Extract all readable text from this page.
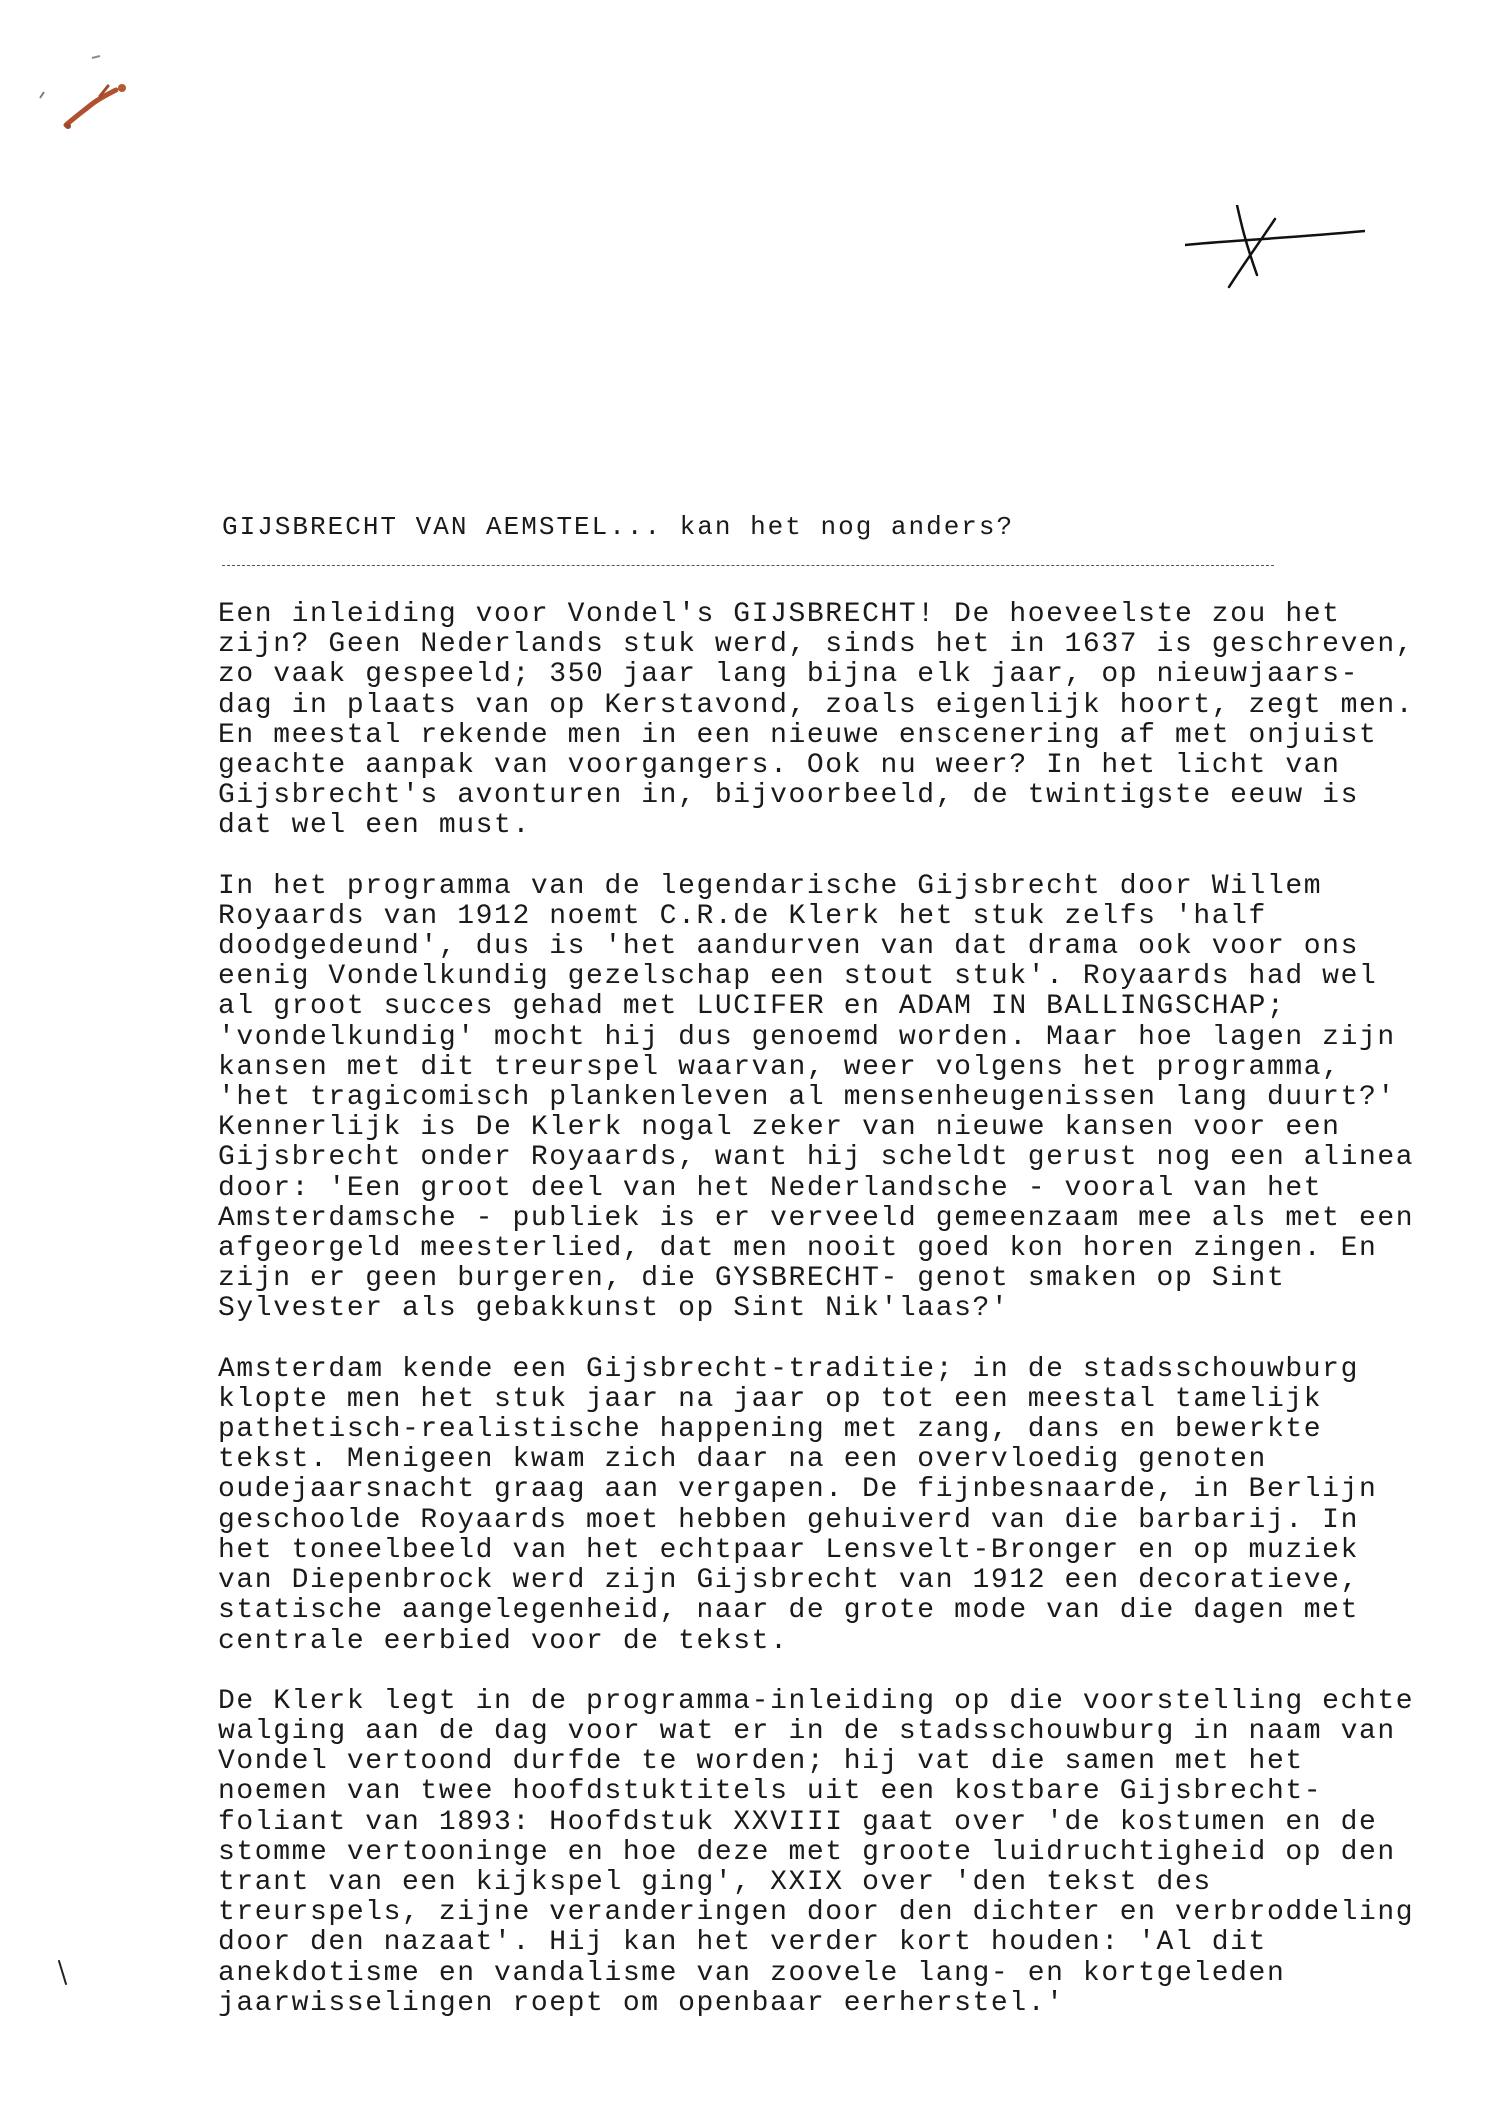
GIJSBRECHT VAN AEMSTEL... kan het nog anders?
Een inleiding voor Vondel's GIJSBRECHT! De hoeveelste zou het
zijn? Geen Nederlands stuk werd, sinds het in 1637 is geschreven,
zo vaak gespeeld; 350 jaar lang bijna elk jaar, op nieuwjaars-
dag in plaats van op Kerstavond, zoals eigenlijk hoort, zegt men.
En meestal rekende men in een nieuwe enscenering af met onjuist
geachte aanpak van voorgangers. Ook nu weer? In het licht van
Gijsbrecht's avonturen in, bijvoorbeeld, de twintigste eeuw is
dat wel een must.
In het programma van de legendarische Gijsbrecht door Willem
Royaards van 1912 noemt C.R.de Klerk het stuk zelfs 'half
doodgedeund', dus is 'het aandurven van dat drama ook voor ons
eenig Vondelkundig gezelschap een stout stuk'. Royaards had wel
al groot succes gehad met LUCIFER en ADAM IN BALLINGSCHAP;
'vondelkundig' mocht hij dus genoemd worden. Maar hoe lagen zijn
kansen met dit treurspel waarvan, weer volgens het programma,
'het tragicomisch plankenleven al mensenheugenissen lang duurt?'
Kennerlijk is De Klerk nogal zeker van nieuwe kansen voor een
Gijsbrecht onder Royaards, want hij scheldt gerust nog een alinea
door: 'Een groot deel van het Nederlandsche - vooral van het
Amsterdamsche - publiek is er verveeld gemeenzaam mee als met een
afgeorgeld meesterlied, dat men nooit goed kon horen zingen. En
zijn er geen burgeren, die GYSBRECHT- genot smaken op Sint
Sylvester als gebakkunst op Sint Nik'laas?'
Amsterdam kende een Gijsbrecht-traditie; in de stadsschouwburg
klopte men het stuk jaar na jaar op tot een meestal tamelijk
pathetisch-realistische happening met zang, dans en bewerkte
tekst. Menigeen kwam zich daar na een overvloedig genoten
oudejaarsnacht graag aan vergapen. De fijnbesnaarde, in Berlijn
geschoolde Royaards moet hebben gehuiverd van die barbarij. In
het toneelbeeld van het echtpaar Lensvelt-Bronger en op muziek
van Diepenbrock werd zijn Gijsbrecht van 1912 een decoratieve,
statische aangelegenheid, naar de grote mode van die dagen met
centrale eerbied voor de tekst.
De Klerk legt in de programma-inleiding op die voorstelling echte
walging aan de dag voor wat er in de stadsschouwburg in naam van
Vondel vertoond durfde te worden; hij vat die samen met het
noemen van twee hoofdstuktitels uit een kostbare Gijsbrecht-
foliant van 1893: Hoofdstuk XXVIII gaat over 'de kostumen en de
stomme vertooninge en hoe deze met groote luidruchtigheid op den
trant van een kijkspel ging', XXIX over 'den tekst des
treurspels, zijne veranderingen door den dichter en verbroddeling
door den nazaat'. Hij kan het verder kort houden: 'Al dit
anekdotisme en vandalisme van zoovele lang- en kortgeleden
jaarwisselingen roept om openbaar eerherstel.'
